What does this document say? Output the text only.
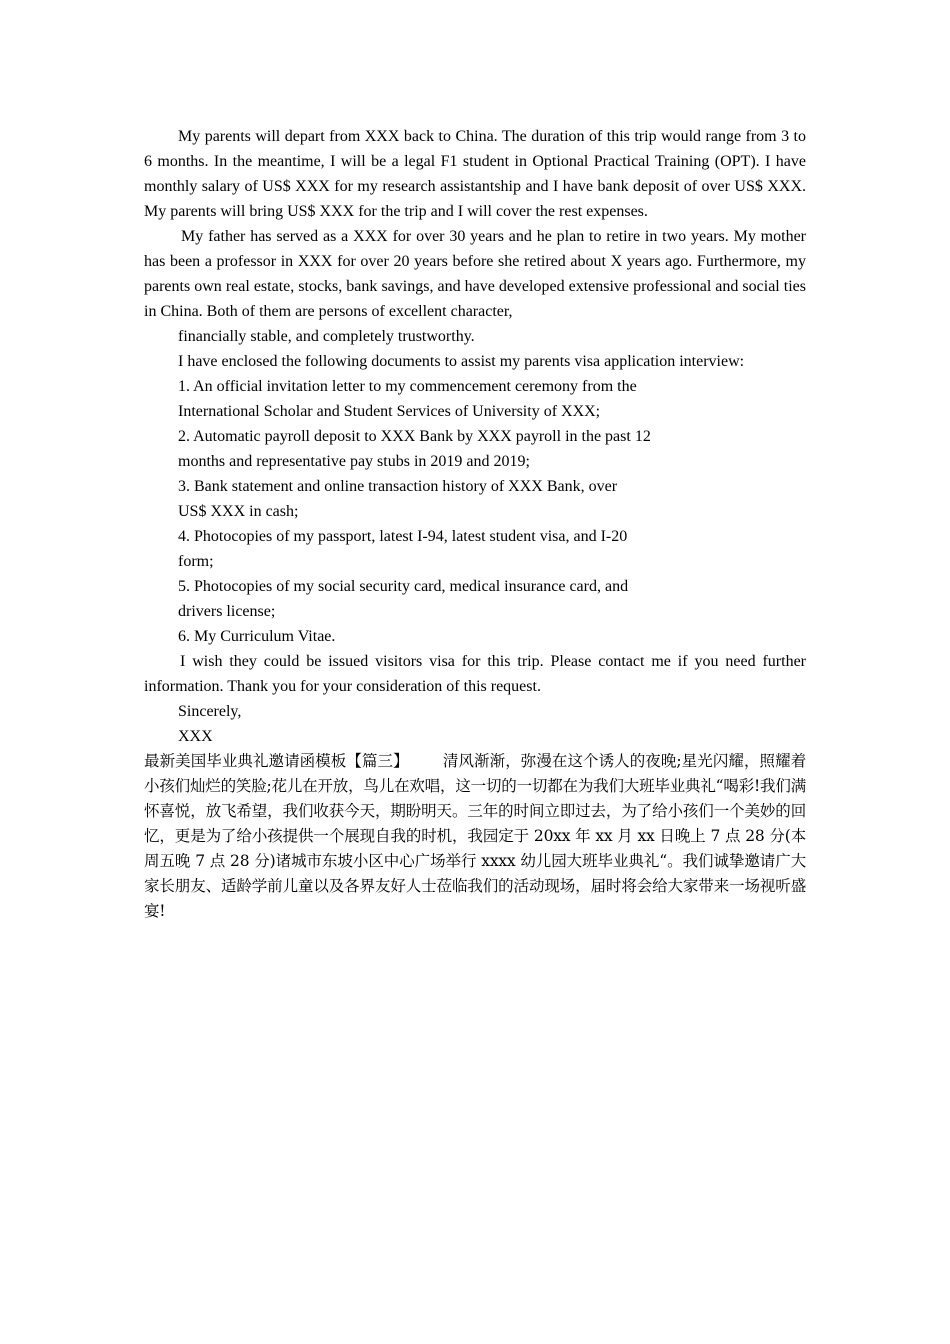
My parents will depart from XXX back to China. The duration of this trip would range from 3 to 6 months. In the meantime, I will be a legal F1 student in Optional Practical Training (OPT). I have monthly salary of US$ XXX for my research assistantship and I have bank deposit of over US$ XXX. My parents will bring US$ XXX for the trip and I will cover the rest expenses.

My father has served as a XXX for over 30 years and he plan to retire in two years. My mother has been a professor in XXX for over 20 years before she retired about X years ago. Furthermore, my parents own real estate, stocks, bank savings, and have developed extensive professional and social ties in China. Both of them are persons of excellent character,

financially stable, and completely trustworthy.

I have enclosed the following documents to assist my parents visa application interview:

1. An official invitation letter to my commencement ceremony from the

International Scholar and Student Services of University of XXX;

2. Automatic payroll deposit to XXX Bank by XXX payroll in the past 12

months and representative pay stubs in 2019 and 2019;

3. Bank statement and online transaction history of XXX Bank, over

US$ XXX in cash;

4. Photocopies of my passport, latest I-94, latest student visa, and I-20

form;

5. Photocopies of my social security card, medical insurance card, and

drivers license;

6. My Curriculum Vitae.

I wish they could be issued visitors visa for this trip. Please contact me if you need further information. Thank you for your consideration of this request.

Sincerely,

XXX

最新美国毕业典礼邀请函模板【篇三】 清风渐渐，弥漫在这个诱人的夜晚;星光闪耀，照耀着小孩们灿烂的笑脸;花儿在开放，鸟儿在欢唱，这一切的一切都在为我们大班毕业典礼“喝彩!我们满怀喜悦，放飞希望，我们收获今天，期盼明天。三年的时间立即过去，为了给小孩们一个美妙的回忆，更是为了给小孩提供一个展现自我的时机，我园定于 20xx 年 xx 月 xx 日晚上 7 点 28 分(本周五晚 7 点 28 分)诸城市东坡小区中心广场举行 xxxx 幼儿园大班毕业典礼“。我们诚挚邀请广大家长朋友、适龄学前儿童以及各界友好人士莅临我们的活动现场，届时将会给大家带来一场视听盛宴!
